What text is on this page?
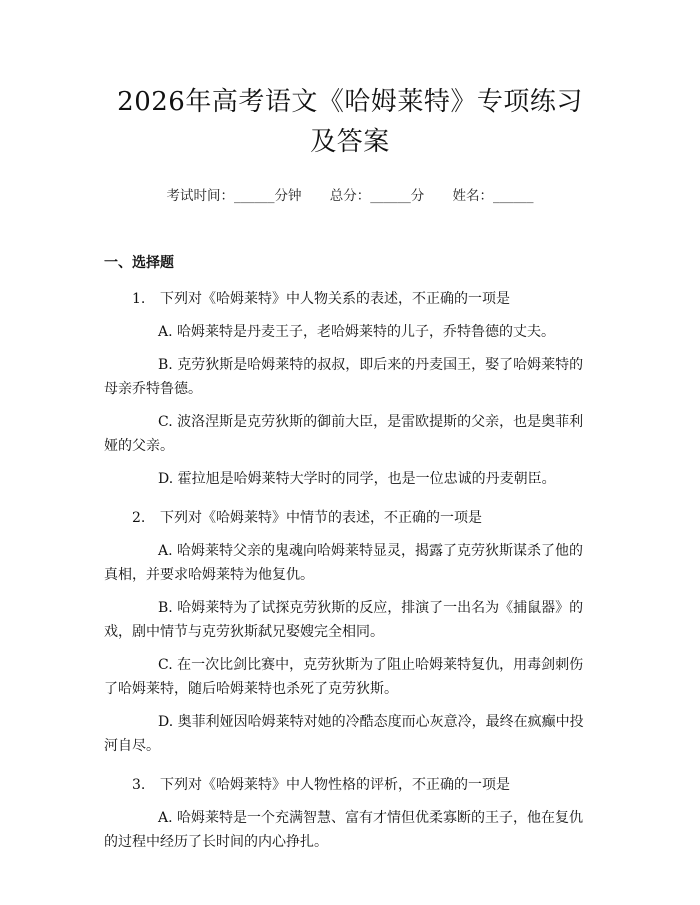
2026年高考语文《哈姆莱特》专项练习及答案
考试时间：______分钟 总分：______分 姓名：______
一、选择题
1. 下列对《哈姆莱特》中人物关系的表述，不正确的一项是
A. 哈姆莱特是丹麦王子，老哈姆莱特的儿子，乔特鲁德的丈夫。
B. 克劳狄斯是哈姆莱特的叔叔，即后来的丹麦国王，娶了哈姆莱特的母亲乔特鲁德。
C. 波洛涅斯是克劳狄斯的御前大臣，是雷欧提斯的父亲，也是奥菲利娅的父亲。
D. 霍拉旭是哈姆莱特大学时的同学，也是一位忠诚的丹麦朝臣。
2. 下列对《哈姆莱特》中情节的表述，不正确的一项是
A. 哈姆莱特父亲的鬼魂向哈姆莱特显灵，揭露了克劳狄斯谋杀了他的真相，并要求哈姆莱特为他复仇。
B. 哈姆莱特为了试探克劳狄斯的反应，排演了一出名为《捕鼠器》的戏，剧中情节与克劳狄斯弑兄娶嫂完全相同。
C. 在一次比剑比赛中，克劳狄斯为了阻止哈姆莱特复仇，用毒剑刺伤了哈姆莱特，随后哈姆莱特也杀死了克劳狄斯。
D. 奥菲利娅因哈姆莱特对她的冷酷态度而心灰意冷，最终在疯癫中投河自尽。
3. 下列对《哈姆莱特》中人物性格的评析，不正确的一项是
A. 哈姆莱特是一个充满智慧、富有才情但优柔寡断的王子，他在复仇的过程中经历了长时间的内心挣扎。
